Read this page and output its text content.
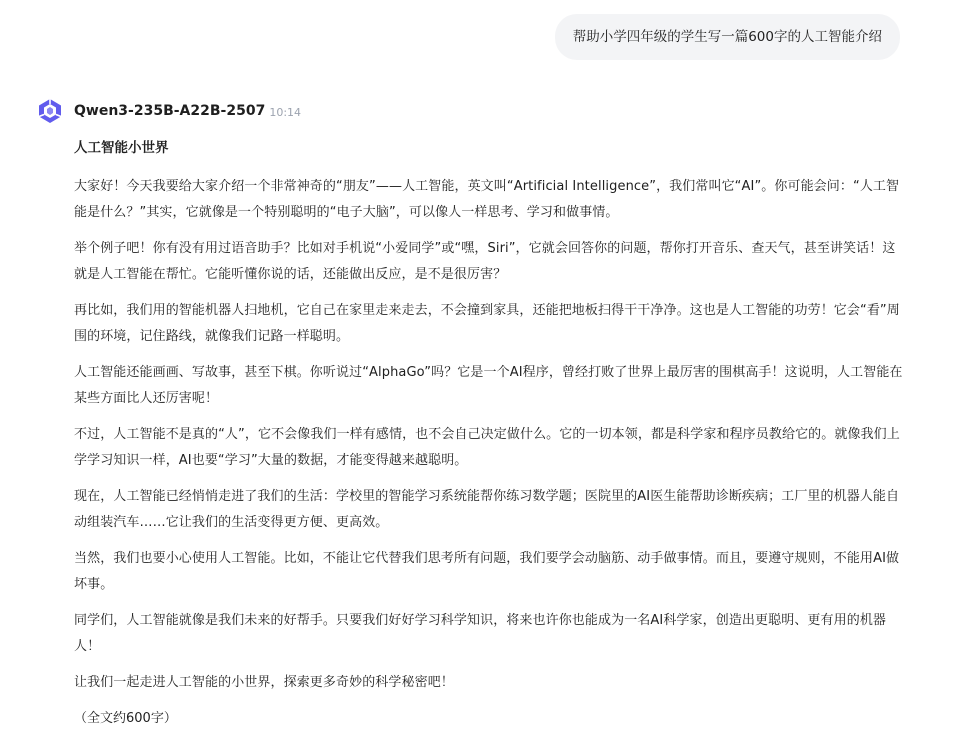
帮助小学四年级的学生写一篇600字的人工智能介绍
Qwen3-235B-A22B-2507 10:14
人工智能小世界

大家好！今天我要给大家介绍一个非常神奇的“朋友”——人工智能，英文叫“Artificial Intelligence”，我们常叫它“AI”。你可能会问：“人工智能是什么？”其实，它就像是一个特别聪明的“电子大脑”，可以像人一样思考、学习和做事情。

举个例子吧！你有没有用过语音助手？比如对手机说“小爱同学”或“嘿，Siri”，它就会回答你的问题，帮你打开音乐、查天气，甚至讲笑话！这就是人工智能在帮忙。它能听懂你说的话，还能做出反应，是不是很厉害？

再比如，我们用的智能机器人扫地机，它自己在家里走来走去，不会撞到家具，还能把地板扫得干干净净。这也是人工智能的功劳！它会“看”周围的环境，记住路线，就像我们记路一样聪明。

人工智能还能画画、写故事，甚至下棋。你听说过“AlphaGo”吗？它是一个AI程序，曾经打败了世界上最厉害的围棋高手！这说明，人工智能在某些方面比人还厉害呢！

不过，人工智能不是真的“人”，它不会像我们一样有感情，也不会自己决定做什么。它的一切本领，都是科学家和程序员教给它的。就像我们上学学习知识一样，AI也要“学习”大量的数据，才能变得越来越聪明。

现在，人工智能已经悄悄走进了我们的生活：学校里的智能学习系统能帮你练习数学题；医院里的AI医生能帮助诊断疾病；工厂里的机器人能自动组装汽车……它让我们的生活变得更方便、更高效。

当然，我们也要小心使用人工智能。比如，不能让它代替我们思考所有问题，我们要学会动脑筋、动手做事情。而且，要遵守规则，不能用AI做坏事。

同学们，人工智能就像是我们未来的好帮手。只要我们好好学习科学知识，将来也许你也能成为一名AI科学家，创造出更聪明、更有用的机器人！

让我们一起走进人工智能的小世界，探索更多奇妙的科学秘密吧！

（全文约600字）
